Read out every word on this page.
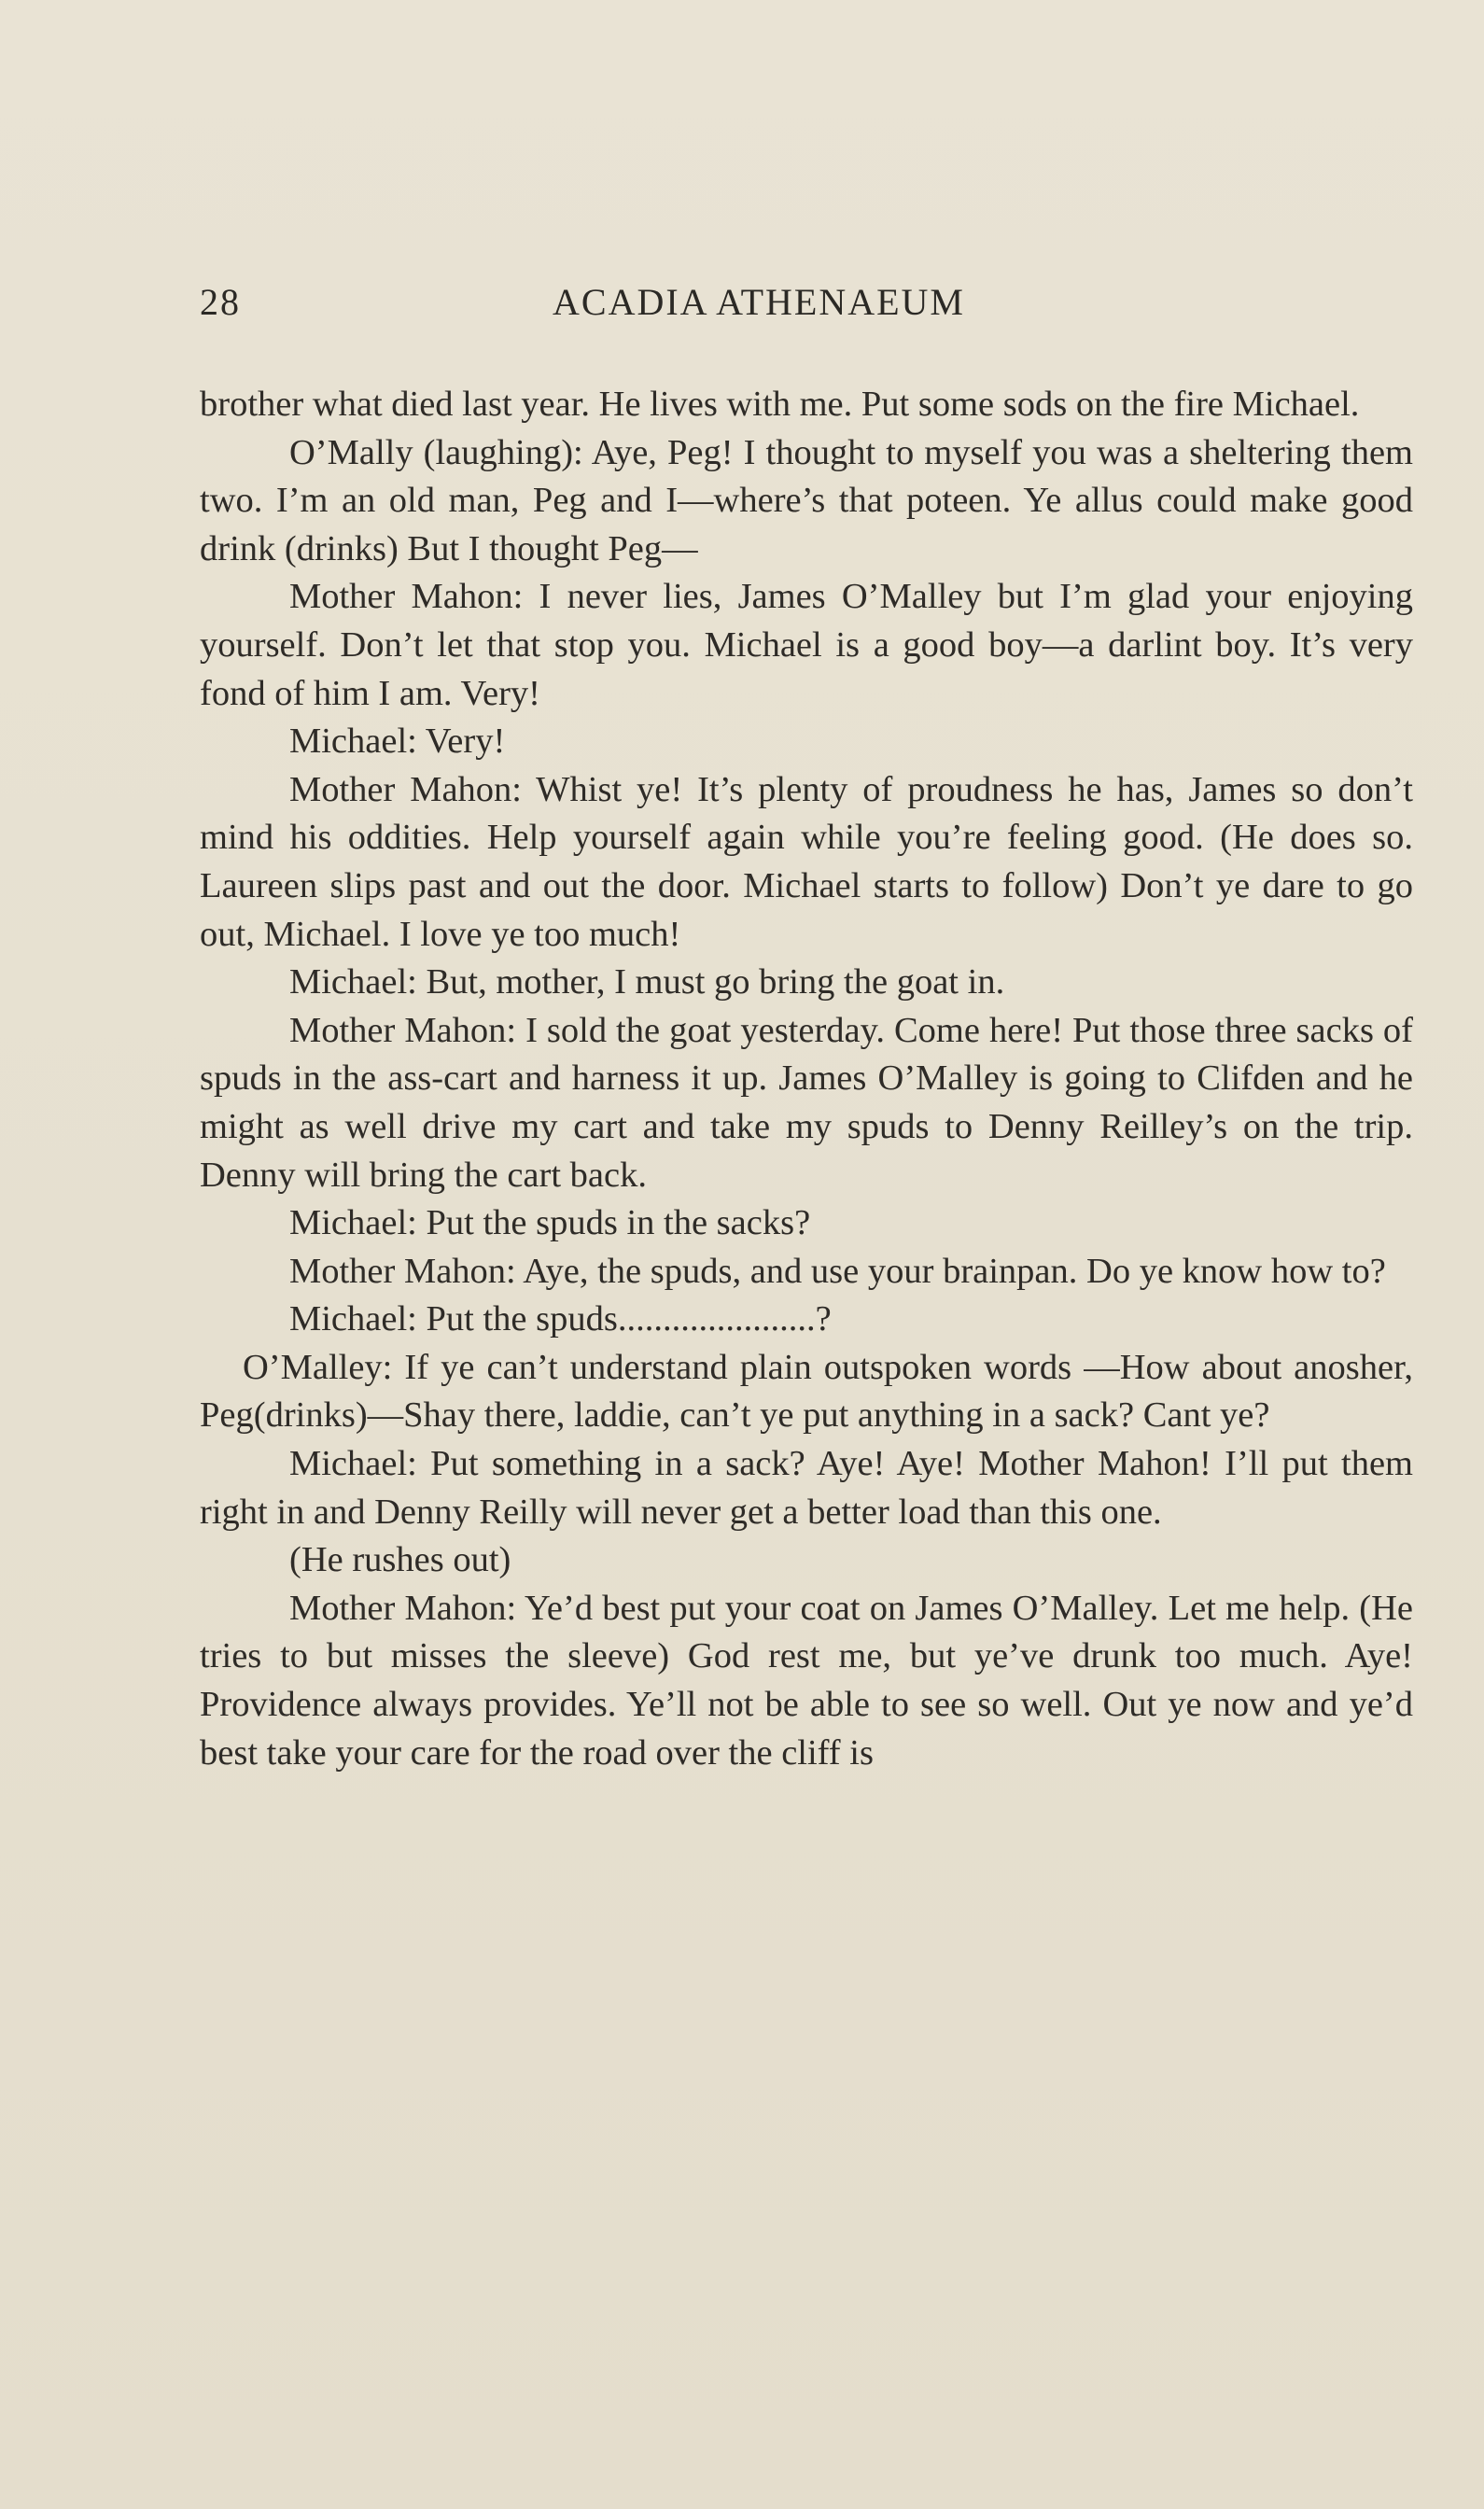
28	ACADIA ATHENAEUM

brother what died last year. He lives with me. Put some sods on the fire Michael.

O’Mally (laughing): Aye, Peg! I thought to myself you was a sheltering them two. I’m an old man, Peg and I—where’s that poteen. Ye allus could make good drink (drinks) But I thought Peg—

Mother Mahon: I never lies, James O’Malley but I’m glad your enjoying yourself. Don’t let that stop you. Michael is a good boy—a darlint boy. It’s very fond of him I am. Very!

Michael: Very!

Mother Mahon: Whist ye! It’s plenty of proudness he has, James so don’t mind his oddities. Help yourself again while you’re feeling good. (He does so. Laureen slips past and out the door. Michael starts to follow) Don’t ye dare to go out, Michael. I love ye too much!

Michael: But, mother, I must go bring the goat in.

Mother Mahon: I sold the goat yesterday. Come here! Put those three sacks of spuds in the ass-cart and harness it up. James O’Malley is going to Clifden and he might as well drive my cart and take my spuds to Denny Reilley’s on the trip. Denny will bring the cart back.

Michael: Put the spuds in the sacks?

Mother Mahon: Aye, the spuds, and use your brainpan. Do ye know how to?

Michael: Put the spuds......................?

O’Malley: If ye can’t understand plain outspoken words —How about anosher, Peg(drinks)—Shay there, laddie, can’t ye put anything in a sack? Cant ye?

Michael: Put something in a sack? Aye! Aye! Mother Mahon! I’ll put them right in and Denny Reilly will never get a better load than this one.

(He rushes out)

Mother Mahon: Ye’d best put your coat on James O’Malley. Let me help. (He tries to but misses the sleeve) God rest me, but ye’ve drunk too much. Aye! Providence always provides. Ye’ll not be able to see so well. Out ye now and ye’d best take your care for the road over the cliff is
